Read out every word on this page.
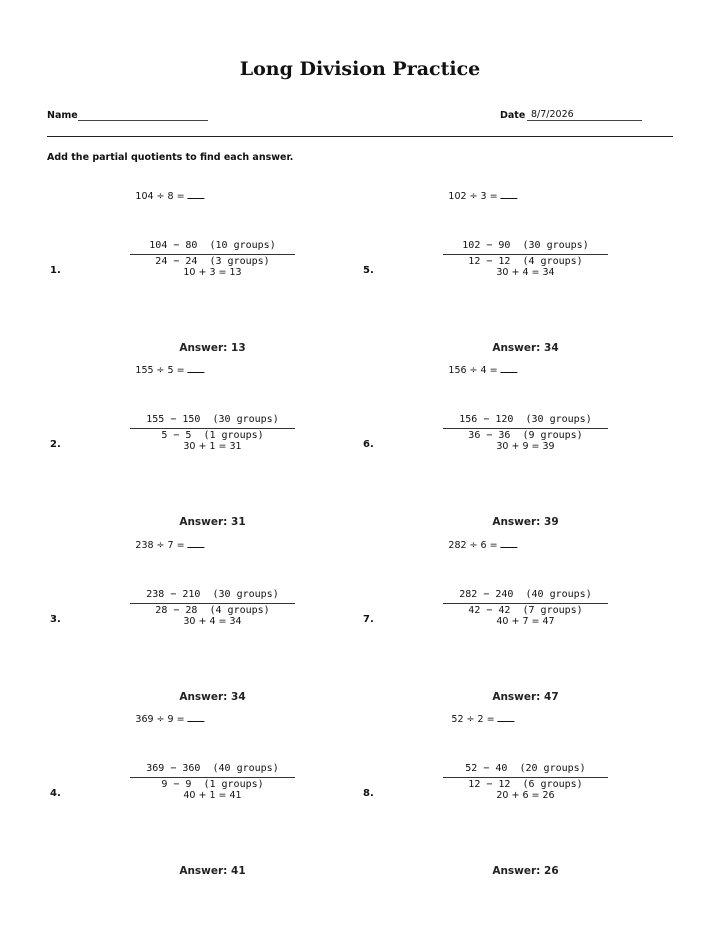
Long Division Practice
Name	Date 8/7/2026
Add the partial quotients to find each answer.
104 ÷ 8 =
104 − 80  (10 groups)
24 − 24  (3 groups)
1.	10 + 3 = 13
Answer: 13
155 ÷ 5 =
155 − 150  (30 groups)
5 − 5  (1 groups)
2.	30 + 1 = 31
Answer: 31
238 ÷ 7 =
238 − 210  (30 groups)
28 − 28  (4 groups)
3.	30 + 4 = 34
Answer: 34
369 ÷ 9 =
369 − 360  (40 groups)
9 − 9  (1 groups)
4.	40 + 1 = 41
Answer: 41
102 ÷ 3 =
102 − 90  (30 groups)
12 − 12  (4 groups)
5.	30 + 4 = 34
Answer: 34
156 ÷ 4 =
156 − 120  (30 groups)
36 − 36  (9 groups)
6.	30 + 9 = 39
Answer: 39
282 ÷ 6 =
282 − 240  (40 groups)
42 − 42  (7 groups)
7.	40 + 7 = 47
Answer: 47
52 ÷ 2 =
52 − 40  (20 groups)
12 − 12  (6 groups)
8.	20 + 6 = 26
Answer: 26
